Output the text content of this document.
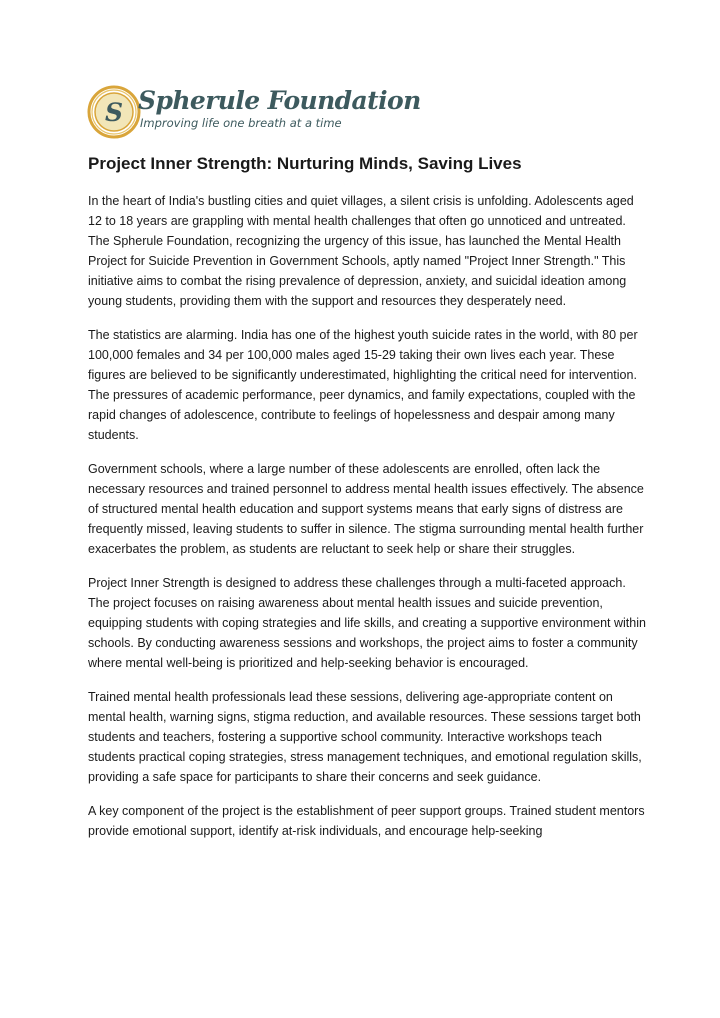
S Spherule Foundation
Improving life one breath at a time
Project Inner Strength: Nurturing Minds, Saving Lives

In the heart of India's bustling cities and quiet villages, a silent crisis is unfolding. Adolescents aged 12 to 18 years are grappling with mental health challenges that often go unnoticed and untreated. The Spherule Foundation, recognizing the urgency of this issue, has launched the Mental Health Project for Suicide Prevention in Government Schools, aptly named "Project Inner Strength." This initiative aims to combat the rising prevalence of depression, anxiety, and suicidal ideation among young students, providing them with the support and resources they desperately need.

The statistics are alarming. India has one of the highest youth suicide rates in the world, with 80 per 100,000 females and 34 per 100,000 males aged 15-29 taking their own lives each year. These figures are believed to be significantly underestimated, highlighting the critical need for intervention. The pressures of academic performance, peer dynamics, and family expectations, coupled with the rapid changes of adolescence, contribute to feelings of hopelessness and despair among many students.

Government schools, where a large number of these adolescents are enrolled, often lack the necessary resources and trained personnel to address mental health issues effectively. The absence of structured mental health education and support systems means that early signs of distress are frequently missed, leaving students to suffer in silence. The stigma surrounding mental health further exacerbates the problem, as students are reluctant to seek help or share their struggles.

Project Inner Strength is designed to address these challenges through a multi-faceted approach. The project focuses on raising awareness about mental health issues and suicide prevention, equipping students with coping strategies and life skills, and creating a supportive environment within schools. By conducting awareness sessions and workshops, the project aims to foster a community where mental well-being is prioritized and help-seeking behavior is encouraged.

Trained mental health professionals lead these sessions, delivering age-appropriate content on mental health, warning signs, stigma reduction, and available resources. These sessions target both students and teachers, fostering a supportive school community. Interactive workshops teach students practical coping strategies, stress management techniques, and emotional regulation skills, providing a safe space for participants to share their concerns and seek guidance.

A key component of the project is the establishment of peer support groups. Trained student mentors provide emotional support, identify at-risk individuals, and encourage help-seeking
